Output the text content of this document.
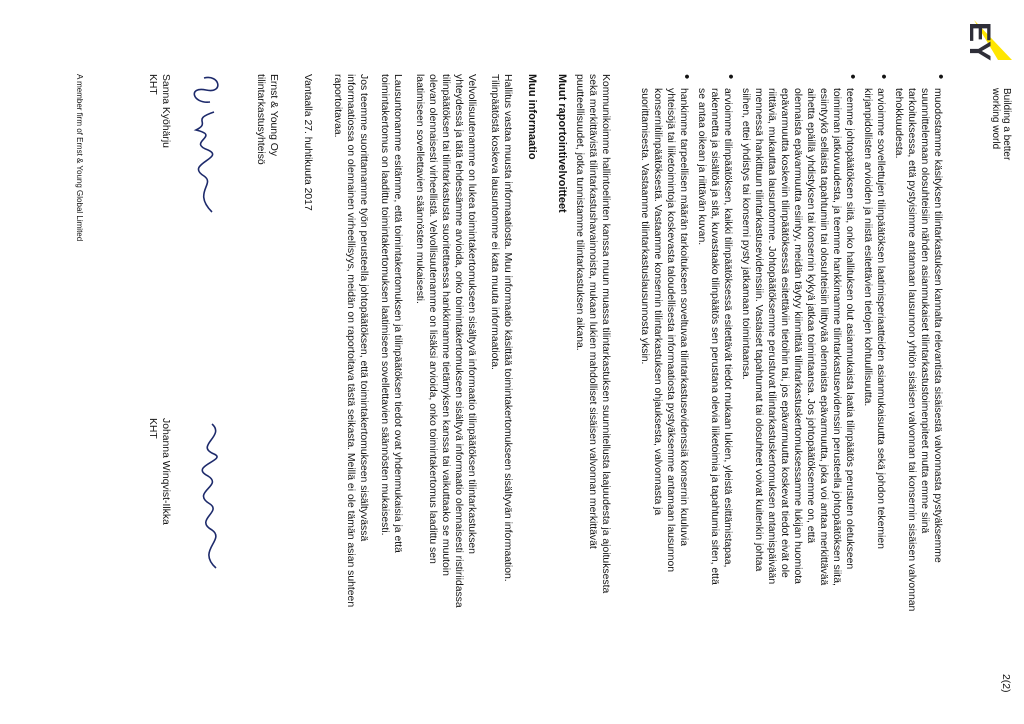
EY
Building a better
working world
2(2)
• muodostamme käsityksen tilintarkastuksen kannalta relevantista sisäisestä valvonnasta pystyäksemme
suunnittelemaan olosuhteisiin nähden asianmukaiset tilintarkastustoimenpiteet mutta emme siinä
tarkoituksessa, että pystyisimme antamaan lausunnon yhtiön sisäisen valvonnan tai konsernin sisäisen valvonnan
tehokkuudesta.
• arvioimme sovellettujen tilinpäätöksen laatimisperiaatteiden asianmukaisuutta sekä johdon tekemien
kirjanpidollisten arvioiden ja niistä esitettävien tietojen kohtuullisuutta.
• teemme johtopäätöksen siitä, onko hallituksen olut asianmukaista laatia tilinpäätös perustuen oletukseen
toiminnan jatkuvuudesta, ja teemme hankkimamme tilintarkastusevidenssin perusteella johtopäätöksen siitä,
esiintyykö sellaista tapahtumiin tai olosuhteisiin liittyvää olennaista epävarmuutta, joka voi antaa merkittävää
aihetta epäillä yhdistyksen tai konsernin kykyä jatkaa toimintaansa. Jos johtopäätöksemme on, että
olennaista epävarmuutta esiintyy, meidän täytyy kiinnittää tilintarkastuskertomuksessamme lukijan huomiota
epävarmuutta koskeviin tilinpäätöksessä esitettäviin tietoihin tai, jos epävarmuutta koskevat tiedot eivät ole
riittäviä, mukauttaa lausuntomme. Johtopäätöksemme perustuvat tilintarkastuskertomuksen antamispäivään
mennessä hankittuun tilintarkastusevidenssiin. Vastaiset tapahtumat tai olosuhteet voivat kuitenkin johtaa
siihen, ettei yhdistys tai konserni pysty jatkamaan toimintaansa.
• arvioimme tilinpäätöksen, kaikki tilinpäätöksessä esitettävät tiedot mukaan lukien, yleistä esittämistapaa,
rakennetta ja sisältöä ja sitä, kuvastaako tilinpäätös sen perustana olevia liiketoimia ja tapahtumia siten, että
se antaa oikean ja riittävän kuvan.
• hankimme tarpeellisen määrän tarkoitukseen soveltuvaa tilintarkastusevidenssiä konsernin kuuluvia
yhteisöjä tai liiketoimintoja koskevasta taloudellisesta informaatiosta pystyäksemme antamaan lausunnon
konsernitilinpäätöksestä. Vastaamme konsernin tilintarkastuksen ohjauksesta, valvonnasta ja
suorittamisesta. Vastaamme tilintarkastuslausunnosta yksin.
Kommunikoimme hallintoelinten kanssa muun muassa tilintarkastuksen suunnitellusta laajuudesta ja ajoituksesta
sekä merkittävistä tilintarkastushavainnoista, mukaan lukien mahdolliset sisäisen valvonnan merkittävät
puutteellisuudet, jotka tunnistamme tilintarkastuksen aikana.
Muut raportointivelvoitteet
Muu informaatio
Hallitus vastaa muusta informaatiosta. Muu informaatio käsittää toimintakertomukseen sisältyvän informaation.
Tilinpäätöstä koskeva lausuntomme ei kata muuta informaatiota.
Velvollisuutenamme on lukea toimintakertomukseen sisältyvä informaatio tilinpäätöksen tilintarkastuksen
yhteydessä ja tätä tehdessämme arvioida, onko toimintakertomukseen sisältyvä informaatio olennaisesti ristiriidassa
tilinpäätöksen tai tilintarkastusta suoritettaessa hankkimamme tietämyksen kanssa tai vaikuttaako se muutoin
olevan olennaisesti virheellistä. Velvollisuutenamme on lisäksi arvioida, onko toimintakertomus laadittu sen
laatimiseen sovellettavien säännösten mukaisesti.
Lausuntonamme esitämme, että toimintakertomuksen ja tilinpäätöksen tiedot ovat yhdenmukaisia ja että
toimintakertomus on laadittu toimintakertomuksen laatimiseen sovellettavien säännösten mukaisesti.
Jos teemme suorittamamme työn perusteella johtopäätöksen, että toimintakertomukseen sisältyvässä
informaatiossa on olennainen virheellisyys, meidän on raportoitava tästä seikasta. Meillä ei ole tämän asian suhteen
raportoitavaa.
Vantaalla 27. huhtikuuta 2017
Ernst & Young Oy
tilintarkastusyhteisö
Sanna Kyöhärju
KHT
Johanna Winqvist-Ilkka
KHT
A member firm of Ernst & Young Global Limited
